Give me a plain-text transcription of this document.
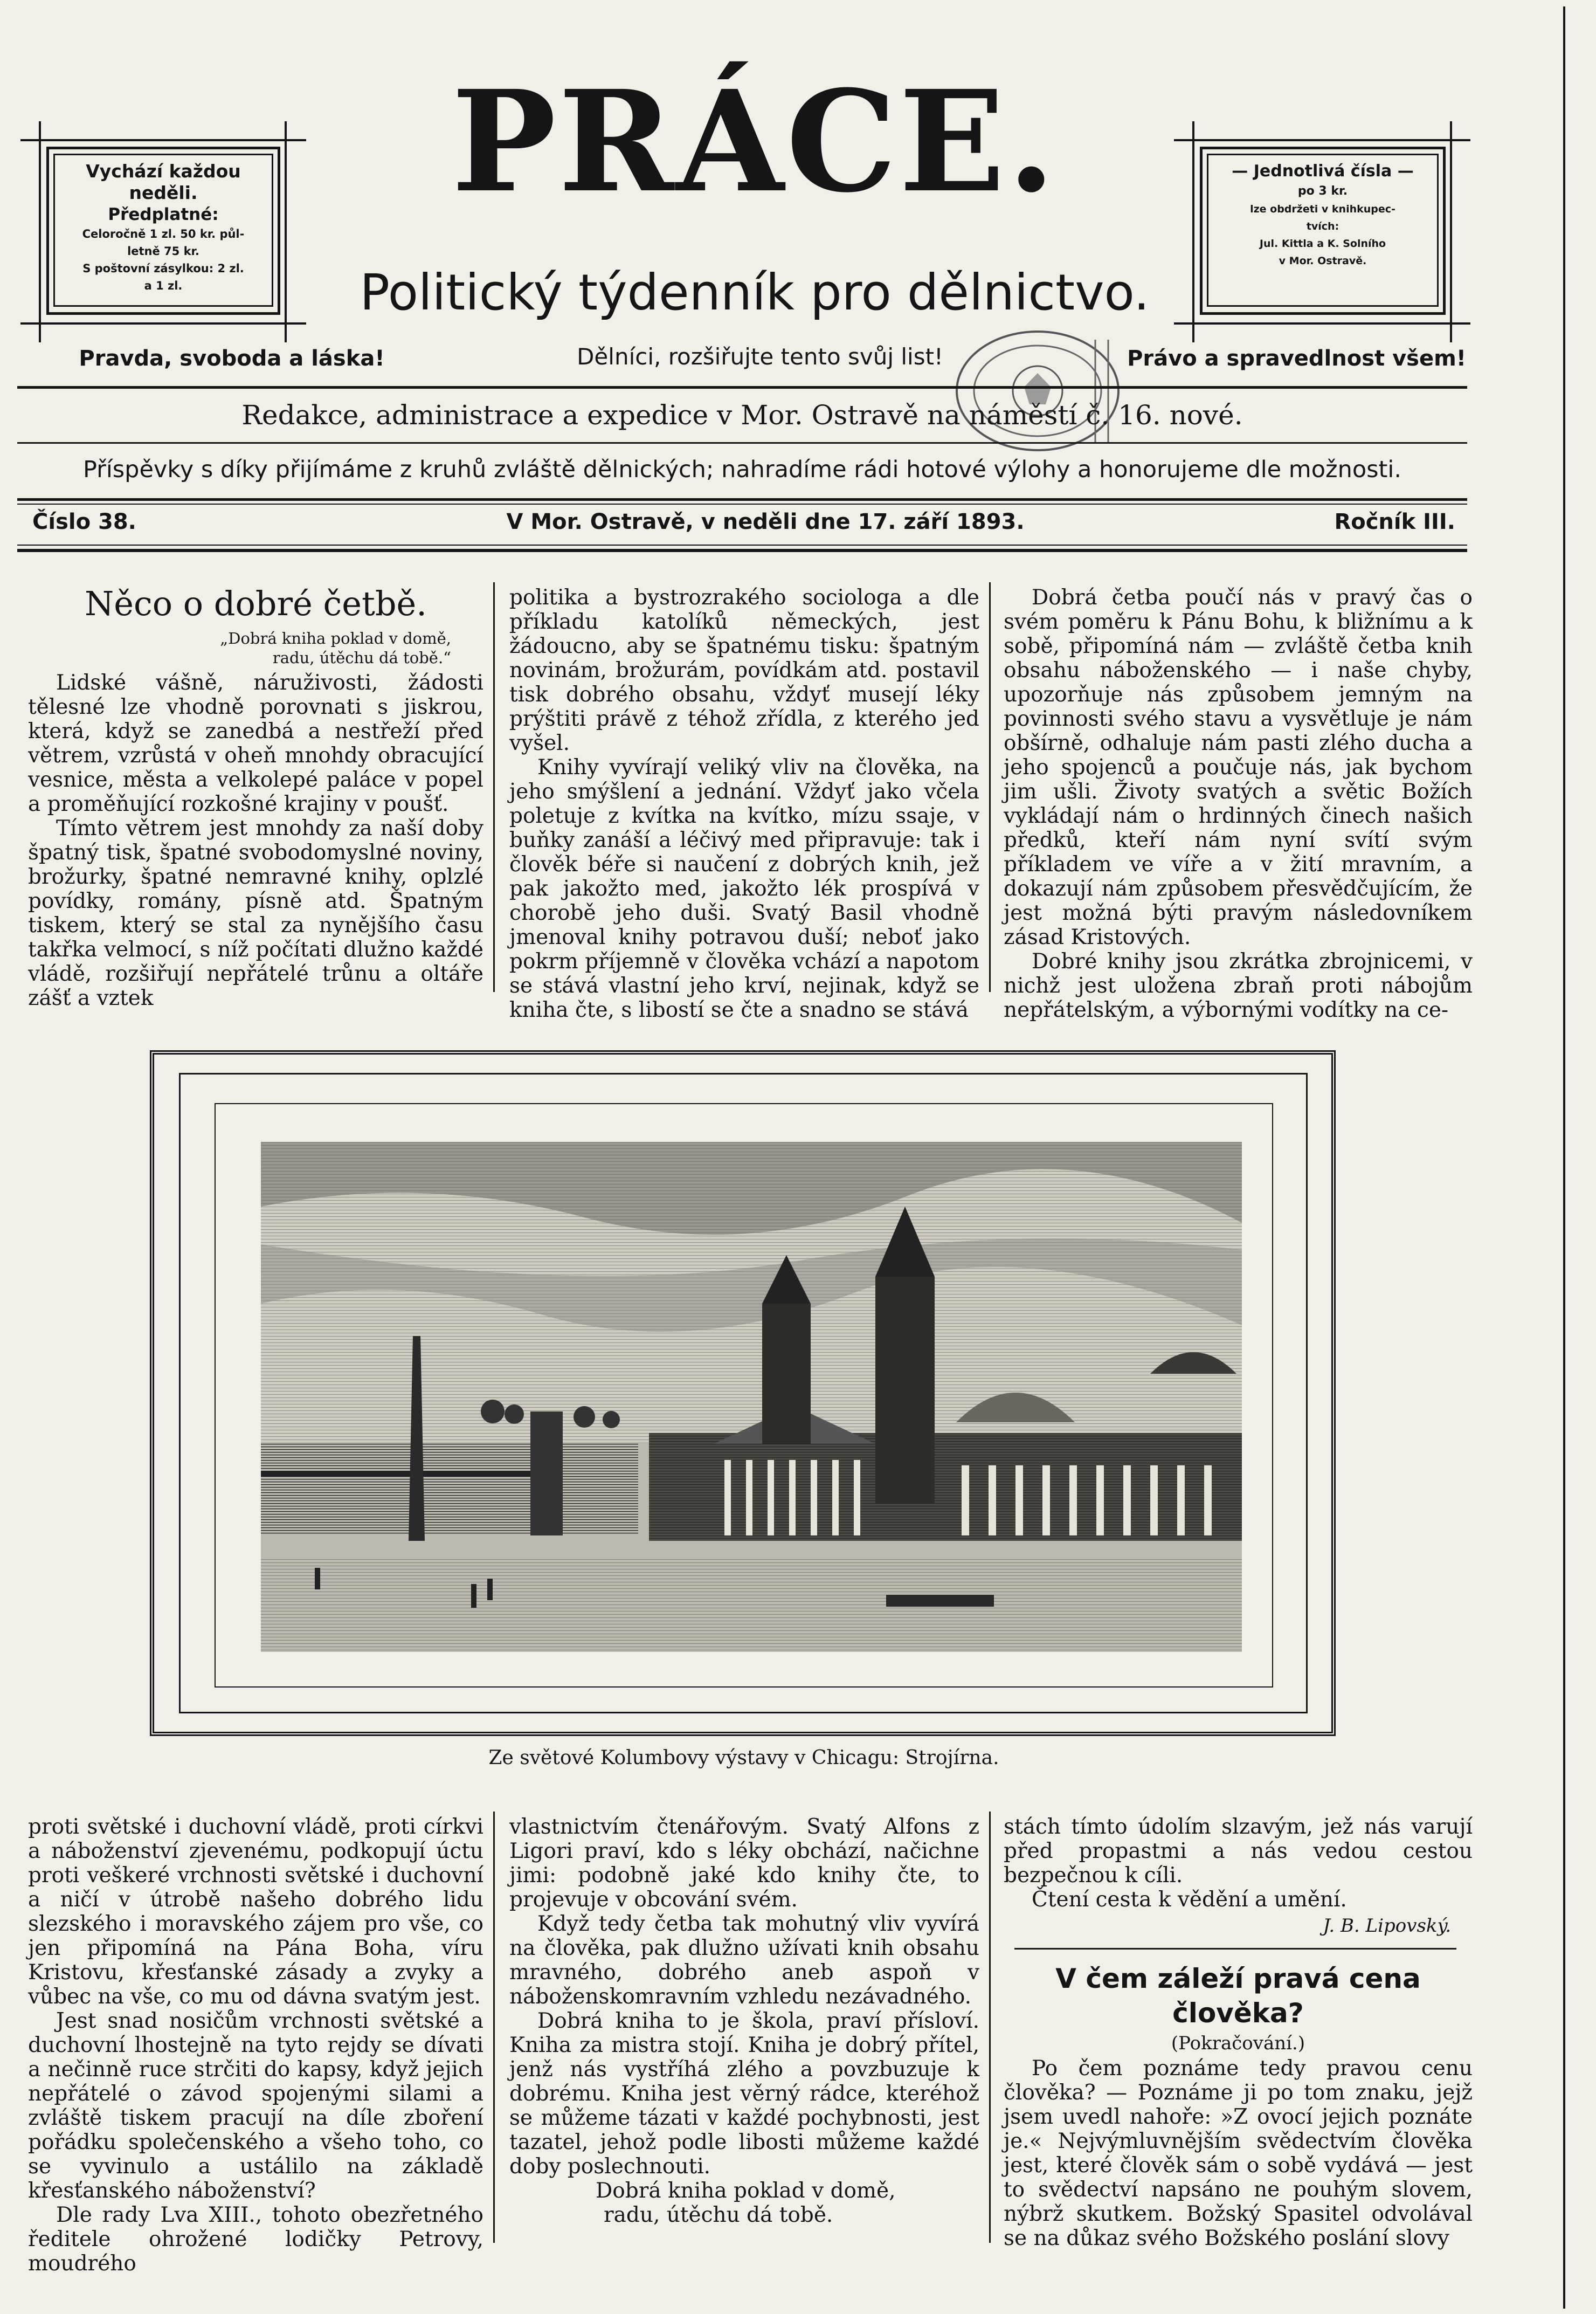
Vychází každou neděli.
Předplatné:
Celoročně 1 zl. 50 kr. půl-
letně 75 kr.
S poštovní zásylkou: 2 zl.
a 1 zl.
— Jednotlivá čísla —
po 3 kr.
lze obdržeti v knihkupec-
tvích:
Jul. Kittla a K. Solního
v Mor. Ostravě.
PRÁCE.
Politický týdenník pro dělnictvo.
Pravda, svoboda a láska!	Dělníci, rozšiřujte tento svůj list!	Právo a spravedlnost všem!
Redakce, administrace a expedice v Mor. Ostravě na náměstí č. 16. nové.
Příspěvky s díky přijímáme z kruhů zvláště dělnických; nahradíme rádi hotové výlohy a honorujeme dle možnosti.
Číslo 38.	V Mor. Ostravě, v neděli dne 17. září 1893.	Ročník III.
Něco o dobré četbě.
„Dobrá kniha poklad v domě,
radu, útěchu dá tobě.“

Lidské vášně, náruživosti, žádosti tělesné lze vhodně porovnati s jiskrou, která, když se zanedbá a nestřeží před větrem, vzrůstá v oheň mnohdy obracující vesnice, města a velkolepé paláce v popel a proměňující rozkošné krajiny v poušť.

Tímto větrem jest mnohdy za naší doby špatný tisk, špatné svobodomyslné noviny, brožurky, špatné nemravné knihy, oplzlé povídky, romány, písně atd. Špatným tiskem, který se stal za nynějšího času takřka velmocí, s níž počítati dlužno každé vládě, rozšiřují nepřátelé trůnu a oltáře zášť a vztek

politika a bystrozrakého sociologa a dle příkladu katolíků německých, jest žádoucno, aby se špatnému tisku: špatným novinám, brožurám, povídkám atd. postavil tisk dobrého obsahu, vždyť musejí léky prýštiti právě z téhož zřídla, z kterého jed vyšel.

Knihy vyvírají veliký vliv na člověka, na jeho smýšlení a jednání. Vždyť jako včela poletuje z kvítka na kvítko, mízu ssaje, v buňky zanáší a léčivý med připravuje: tak i člověk béře si naučení z dobrých knih, jež pak jakožto med, jakožto lék prospívá v chorobě jeho duši. Svatý Basil vhodně jmenoval knihy potravou duší; neboť jako pokrm příjemně v člověka vchází a napotom se stává vlastní jeho krví, nejinak, když se kniha čte, s libostí se čte a snadno se stává

Dobrá četba poučí nás v pravý čas o svém poměru k Pánu Bohu, k bližnímu a k sobě, připomíná nám — zvláště četba knih obsahu náboženského — i naše chyby, upozorňuje nás způsobem jemným na povinnosti svého stavu a vysvětluje je nám obšírně, odhaluje nám pasti zlého ducha a jeho spojenců a poučuje nás, jak bychom jim ušli. Životy svatých a světic Božích vykládají nám o hrdinných činech našich předků, kteří nám nyní svítí svým příkladem ve víře a v žití mravním, a dokazují nám způsobem přesvědčujícím, že jest možná býti pravým následovníkem zásad Kristových.

Dobré knihy jsou zkrátka zbrojnicemi, v nichž jest uložena zbraň proti nábojům nepřátelským, a výbornými vodítky na ce-

Ze světové Kolumbovy výstavy v Chicagu: Strojírna.

proti světské i duchovní vládě, proti církvi a náboženství zjevenému, podkopují úctu proti veškeré vrchnosti světské i duchovní a ničí v útrobě našeho dobrého lidu slezského i moravského zájem pro vše, co jen připomíná na Pána Boha, víru Kristovu, křesťanské zásady a zvyky a vůbec na vše, co mu od dávna svatým jest.

Jest snad nosičům vrchnosti světské a duchovní lhostejně na tyto rejdy se dívati a nečinně ruce strčiti do kapsy, když jejich nepřátelé o závod spojenými silami a zvláště tiskem pracují na díle zboření pořádku společenského a všeho toho, co se vyvinulo a ustálilo na základě křesťanského náboženství?

Dle rady Lva XIII., tohoto obezřetného ředitele ohrožené lodičky Petrovy, moudrého

vlastnictvím čtenářovým. Svatý Alfons z Ligori praví, kdo s léky obchází, načichne jimi: podobně jaké kdo knihy čte, to projevuje v obcování svém.

Když tedy četba tak mohutný vliv vyvírá na člověka, pak dlužno užívati knih obsahu mravného, dobrého aneb aspoň v náboženskomravním vzhledu nezávadného.

Dobrá kniha to je škola, praví přísloví. Kniha za mistra stojí. Kniha je dobrý přítel, jenž nás vystříhá zlého a povzbuzuje k dobrému. Kniha jest věrný rádce, kteréhož se můžeme tázati v každé pochybnosti, jest tazatel, jehož podle libosti můžeme každé doby poslechnouti.

Dobrá kniha poklad v domě,
radu, útěchu dá tobě.

stách tímto údolím slzavým, jež nás varují před propastmi a nás vedou cestou bezpečnou k cíli.

Čtení cesta k vědění a umění.

J. B. Lipovský.
V čem záleží pravá cena člověka?
(Pokračování.)

Po čem poznáme tedy pravou cenu člověka? — Poznáme ji po tom znaku, jejž jsem uvedl nahoře: »Z ovocí jejich poznáte je.« Nejvýmluvnějším svědectvím člověka jest, které člověk sám o sobě vydává — jest to svědectví napsáno ne pouhým slovem, nýbrž skutkem. Božský Spasitel odvolával se na důkaz svého Božského poslání slovy
